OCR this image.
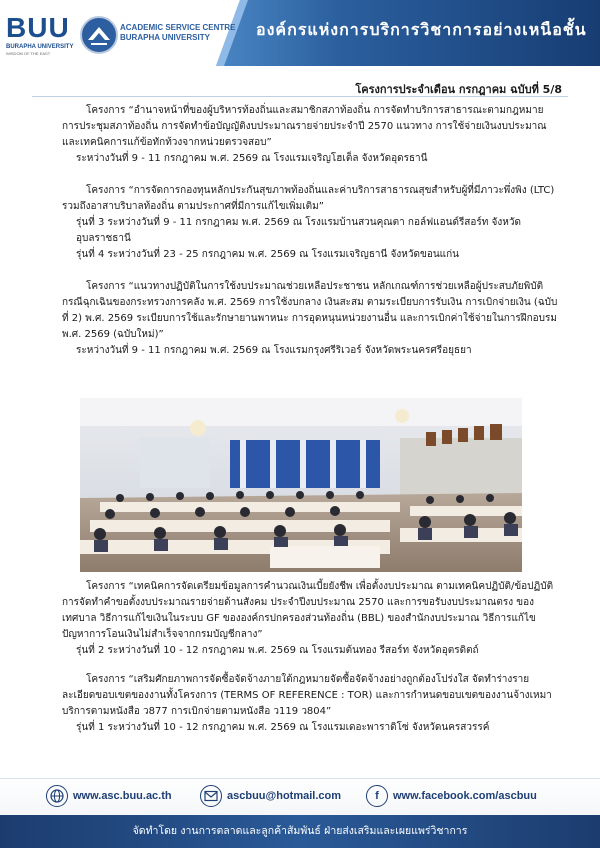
BUU
BURAPHA UNIVERSITY
WISDOM OF THE EAST
ACADEMIC SERVICE CENTRE
BURAPHA UNIVERSITY	องค์กรแห่งการบริการวิชาการอย่างเหนือชั้น
โครงการประจำเดือน กรกฎาคม ฉบับที่ 5/8

โครงการ “อำนาจหน้าที่ของผู้บริหารท้องถิ่นและสมาชิกสภาท้องถิ่น การจัดทำบริการสาธารณะตามกฎหมาย การประชุมสภาท้องถิ่น การจัดทำข้อบัญญัติงบประมาณรายจ่ายประจำปี 2570 แนวทาง การใช้จ่ายเงินงบประมาณ และเทคนิคการแก้ข้อทักท้วงจากหน่วยตรวจสอบ”

ระหว่างวันที่ 9 - 11 กรกฎาคม พ.ศ. 2569 ณ โรงแรมเจริญโฮเต็ล จังหวัดอุดรธานี

โครงการ “การจัดการกองทุนหลักประกันสุขภาพท้องถิ่นและค่าบริการสาธารณสุขสำหรับผู้ที่มีภาวะพึ่งพิง (LTC) รวมถึงอาสาบริบาลท้องถิ่น ตามประกาศที่มีการแก้ไขเพิ่มเติม”

รุ่นที่ 3 ระหว่างวันที่ 9 - 11 กรกฎาคม พ.ศ. 2569 ณ โรงแรมบ้านสวนคุณตา กอล์ฟแอนด์รีสอร์ท จังหวัดอุบลราชธานี

รุ่นที่ 4 ระหว่างวันที่ 23 - 25 กรกฎาคม พ.ศ. 2569 ณ โรงแรมเจริญธานี จังหวัดขอนแก่น

โครงการ “แนวทางปฏิบัติในการใช้งบประมาณช่วยเหลือประชาชน หลักเกณฑ์การช่วยเหลือผู้ประสบภัยพิบัติกรณีฉุกเฉินของกระทรวงการคลัง พ.ศ. 2569 การใช้งบกลาง เงินสะสม ตามระเบียบการรับเงิน การเบิกจ่ายเงิน (ฉบับที่ 2) พ.ศ. 2569 ระเบียบการใช้และรักษายานพาหนะ การอุดหนุนหน่วยงานอื่น และการเบิกค่าใช้จ่ายในการฝึกอบรม พ.ศ. 2569 (ฉบับใหม่)”

ระหว่างวันที่ 9 - 11 กรกฎาคม พ.ศ. 2569 ณ โรงแรมกรุงศรีริเวอร์ จังหวัดพระนครศรีอยุธยา

โครงการ “เทคนิคการจัดเตรียมข้อมูลการคำนวณเงินเบี้ยยังชีพ เพื่อตั้งงบประมาณ ตามเทคนิคปฏิบัติ/ข้อปฏิบัติการจัดทำคำขอตั้งงบประมาณรายจ่ายด้านสังคม ประจำปีงบประมาณ 2570 และการขอรับงบประมาณตรง ของเทศบาล วิธีการแก้ไขเงินในระบบ GF ขององค์กรปกครองส่วนท้องถิ่น (BBL) ของสำนักงบประมาณ วิธีการแก้ไขปัญหาการโอนเงินไม่สำเร็จจากกรมบัญชีกลาง”

รุ่นที่ 2 ระหว่างวันที่ 10 - 12 กรกฎาคม พ.ศ. 2569 ณ โรงแรมต้นทอง รีสอร์ท จังหวัดอุตรดิตถ์

โครงการ “เสริมศักยภาพการจัดซื้อจัดจ้างภายใต้กฎหมายจัดซื้อจัดจ้างอย่างถูกต้องโปร่งใส จัดทำร่างรายละเอียดขอบเขตของงานทั้งโครงการ (TERMS OF REFERENCE : TOR) และการกำหนดขอบเขตของงานจ้างเหมาบริการตามหนังสือ ว877 การเบิกจ่ายตามหนังสือ ว119 ว804”

รุ่นที่ 1 ระหว่างวันที่ 10 - 12 กรกฎาคม พ.ศ. 2569 ณ โรงแรมเดอะพาราดิโซ่ จังหวัดนครสวรรค์

www.asc.buu.ac.th	ascbuu@hotmail.com	f	www.facebook.com/ascbuu
จัดทำโดย งานการตลาดและลูกค้าสัมพันธ์ ฝ่ายส่งเสริมและเผยแพร่วิชาการ
